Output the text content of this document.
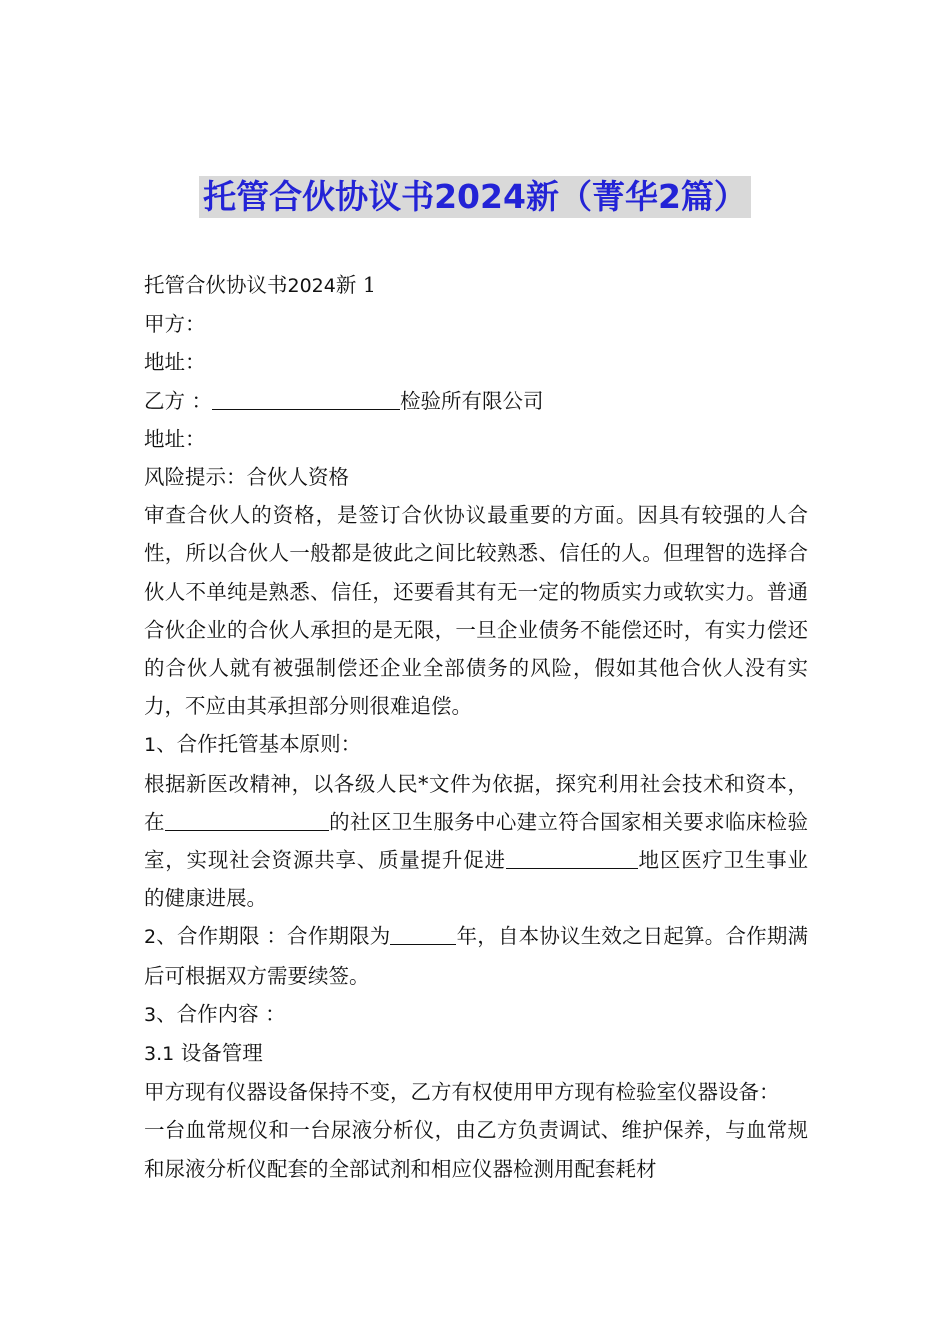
托管合伙协议书2024新（菁华2篇）

托管合伙协议书2024新 1

甲方：

地址：

乙方 ：	检验所有限公司

地址：

风险提示：合伙人资格

审查合伙人的资格，是签订合伙协议最重要的方面。因具有较强的人合性，所以合伙人一般都是彼此之间比较熟悉、信任的人。但理智的选择合伙人不单纯是熟悉、信任，还要看其有无一定的物质实力或软实力。普通合伙企业的合伙人承担的是无限，一旦企业债务不能偿还时，有实力偿还的合伙人就有被强制偿还企业全部债务的风险，假如其他合伙人没有实力，不应由其承担部分则很难追偿。

1、合作托管基本原则：

根据新医改精神，以各级人民*文件为依据，探究利用社会技术和资本，在	的社区卫生服务中心建立符合国家相关要求临床检验室，实现社会资源共享、质量提升促进	地区医疗卫生事业的健康进展。

2、合作期限 ：合作期限为	年，自本协议生效之日起算。合作期满后可根据双方需要续签。

3、合作内容 ：

3.1 设备管理

甲方现有仪器设备保持不变，乙方有权使用甲方现有检验室仪器设备：

一台血常规仪和一台尿液分析仪，由乙方负责调试、维护保养，与血常规和尿液分析仪配套的全部试剂和相应仪器检测用配套耗材
